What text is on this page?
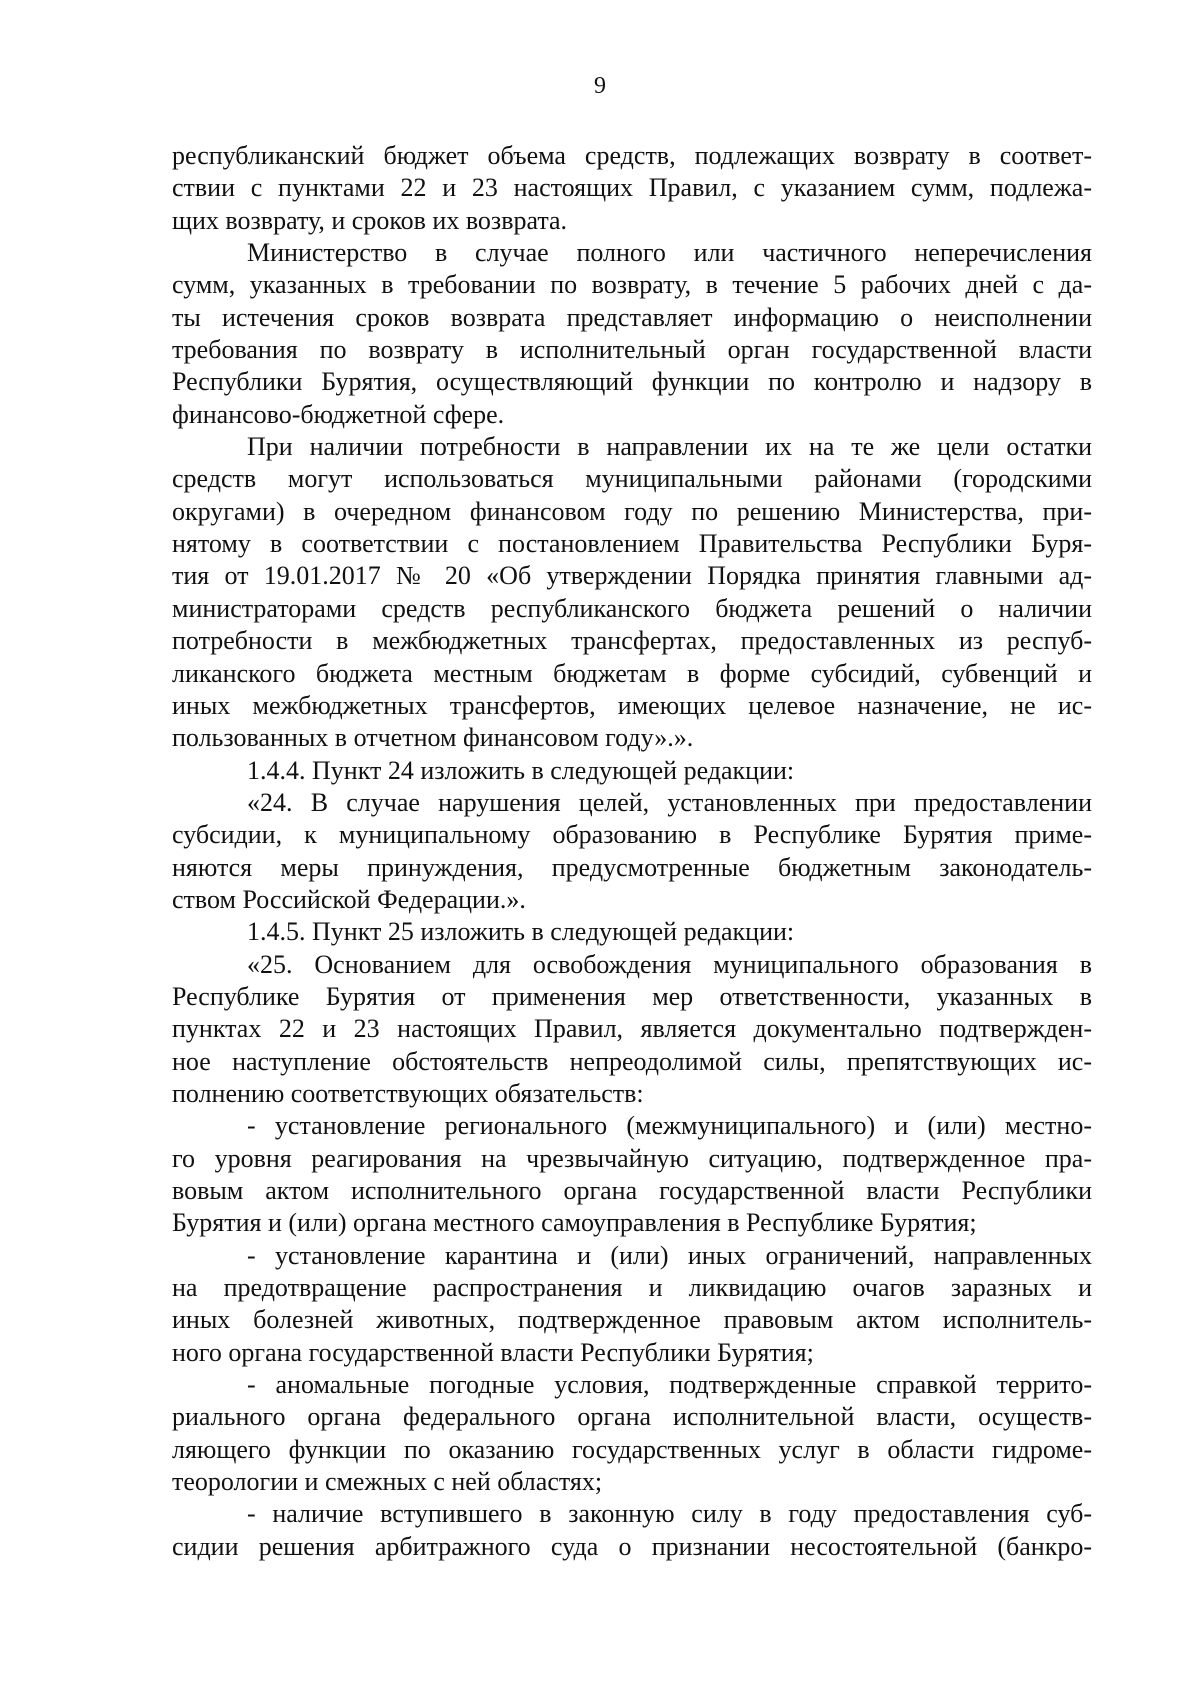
9
республиканский бюджет объема средств, подлежащих возврату в соответ-
ствии с пунктами 22 и 23 настоящих Правил, с указанием сумм, подлежа-
щих возврату, и сроков их возврата.
Министерство в случае полного или частичного неперечисления
сумм, указанных в требовании по возврату, в течение 5 рабочих дней с да-
ты истечения сроков возврата представляет информацию о неисполнении
требования по возврату в исполнительный орган государственной власти
Республики Бурятия, осуществляющий функции по контролю и надзору в
финансово-бюджетной сфере.
При наличии потребности в направлении их на те же цели остатки
средств могут использоваться муниципальными районами (городскими
округами) в очередном финансовом году по решению Министерства, при-
нятому в соответствии с постановлением Правительства Республики Буря-
тия от 19.01.2017 № 20 «Об утверждении Порядка принятия главными ад-
министраторами средств республиканского бюджета решений о наличии
потребности в межбюджетных трансфертах, предоставленных из респуб-
ликанского бюджета местным бюджетам в форме субсидий, субвенций и
иных межбюджетных трансфертов, имеющих целевое назначение, не ис-
пользованных в отчетном финансовом году».».
1.4.4. Пункт 24 изложить в следующей редакции:
«24. В случае нарушения целей, установленных при предоставлении
субсидии, к муниципальному образованию в Республике Бурятия приме-
няются меры принуждения, предусмотренные бюджетным законодатель-
ством Российской Федерации.».
1.4.5. Пункт 25 изложить в следующей редакции:
«25. Основанием для освобождения муниципального образования в
Республике Бурятия от применения мер ответственности, указанных в
пунктах 22 и 23 настоящих Правил, является документально подтвержден-
ное наступление обстоятельств непреодолимой силы, препятствующих ис-
полнению соответствующих обязательств:
- установление регионального (межмуниципального) и (или) местно-
го уровня реагирования на чрезвычайную ситуацию, подтвержденное пра-
вовым актом исполнительного органа государственной власти Республики
Бурятия и (или) органа местного самоуправления в Республике Бурятия;
- установление карантина и (или) иных ограничений, направленных
на предотвращение распространения и ликвидацию очагов заразных и
иных болезней животных, подтвержденное правовым актом исполнитель-
ного органа государственной власти Республики Бурятия;
- аномальные погодные условия, подтвержденные справкой террито-
риального органа федерального органа исполнительной власти, осуществ-
ляющего функции по оказанию государственных услуг в области гидроме-
теорологии и смежных с ней областях;
- наличие вступившего в законную силу в году предоставления суб-
сидии решения арбитражного суда о признании несостоятельной (банкро-
